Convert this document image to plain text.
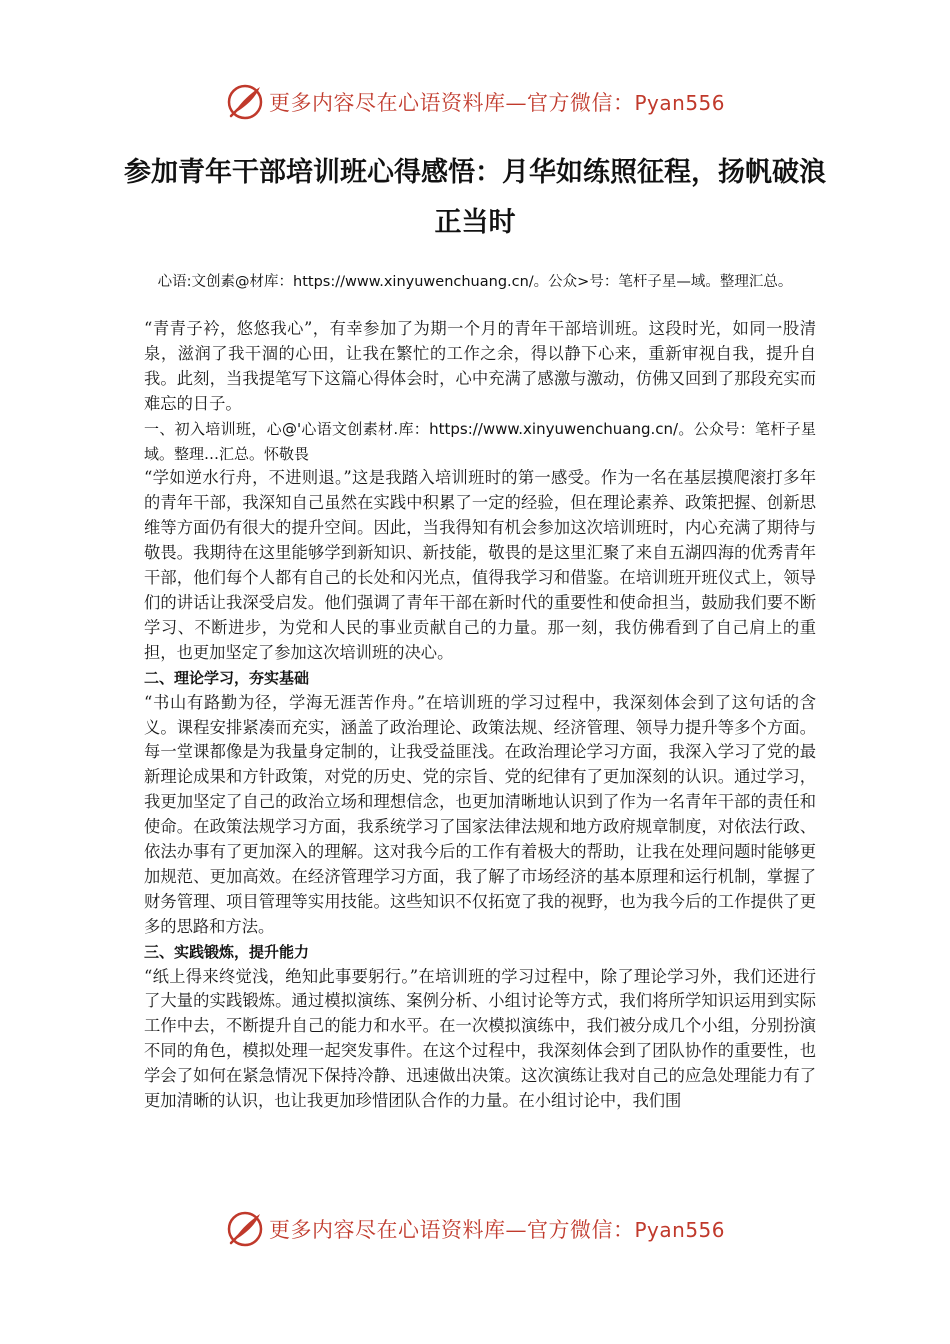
更多内容尽在心语资料库—官方微信：Pyan556
参加青年干部培训班心得感悟：月华如练照征程，扬帆破浪正当时
心语:文创素@材库：https://www.xinyuwenchuang.cn/。公众>号：笔杆子星—域。整理汇总。

“青青子衿，悠悠我心”，有幸参加了为期一个月的青年干部培训班。这段时光，如同一股清泉，滋润了我干涸的心田，让我在繁忙的工作之余，得以静下心来，重新审视自我，提升自我。此刻，当我提笔写下这篇心得体会时，心中充满了感激与激动，仿佛又回到了那段充实而难忘的日子。

一、初入培训班，心@'心语文创素材.库：https://www.xinyuwenchuang.cn/。公众号：笔杆子星域。整理…汇总。怀敬畏

“学如逆水行舟，不进则退。”这是我踏入培训班时的第一感受。作为一名在基层摸爬滚打多年的青年干部，我深知自己虽然在实践中积累了一定的经验，但在理论素养、政策把握、创新思维等方面仍有很大的提升空间。因此，当我得知有机会参加这次培训班时，内心充满了期待与敬畏。我期待在这里能够学到新知识、新技能，敬畏的是这里汇聚了来自五湖四海的优秀青年干部，他们每个人都有自己的长处和闪光点，值得我学习和借鉴。在培训班开班仪式上，领导们的讲话让我深受启发。他们强调了青年干部在新时代的重要性和使命担当，鼓励我们要不断学习、不断进步，为党和人民的事业贡献自己的力量。那一刻，我仿佛看到了自己肩上的重担，也更加坚定了参加这次培训班的决心。

二、理论学习，夯实基础

“书山有路勤为径，学海无涯苦作舟。”在培训班的学习过程中，我深刻体会到了这句话的含义。课程安排紧凑而充实，涵盖了政治理论、政策法规、经济管理、领导力提升等多个方面。每一堂课都像是为我量身定制的，让我受益匪浅。在政治理论学习方面，我深入学习了党的最新理论成果和方针政策，对党的历史、党的宗旨、党的纪律有了更加深刻的认识。通过学习，我更加坚定了自己的政治立场和理想信念，也更加清晰地认识到了作为一名青年干部的责任和使命。在政策法规学习方面，我系统学习了国家法律法规和地方政府规章制度，对依法行政、依法办事有了更加深入的理解。这对我今后的工作有着极大的帮助，让我在处理问题时能够更加规范、更加高效。在经济管理学习方面，我了解了市场经济的基本原理和运行机制，掌握了财务管理、项目管理等实用技能。这些知识不仅拓宽了我的视野，也为我今后的工作提供了更多的思路和方法。

三、实践锻炼，提升能力

“纸上得来终觉浅，绝知此事要躬行。”在培训班的学习过程中，除了理论学习外，我们还进行了大量的实践锻炼。通过模拟演练、案例分析、小组讨论等方式，我们将所学知识运用到实际工作中去，不断提升自己的能力和水平。在一次模拟演练中，我们被分成几个小组，分别扮演不同的角色，模拟处理一起突发事件。在这个过程中，我深刻体会到了团队协作的重要性，也学会了如何在紧急情况下保持冷静、迅速做出决策。这次演练让我对自己的应急处理能力有了更加清晰的认识，也让我更加珍惜团队合作的力量。在小组讨论中，我们围

更多内容尽在心语资料库—官方微信：Pyan556
